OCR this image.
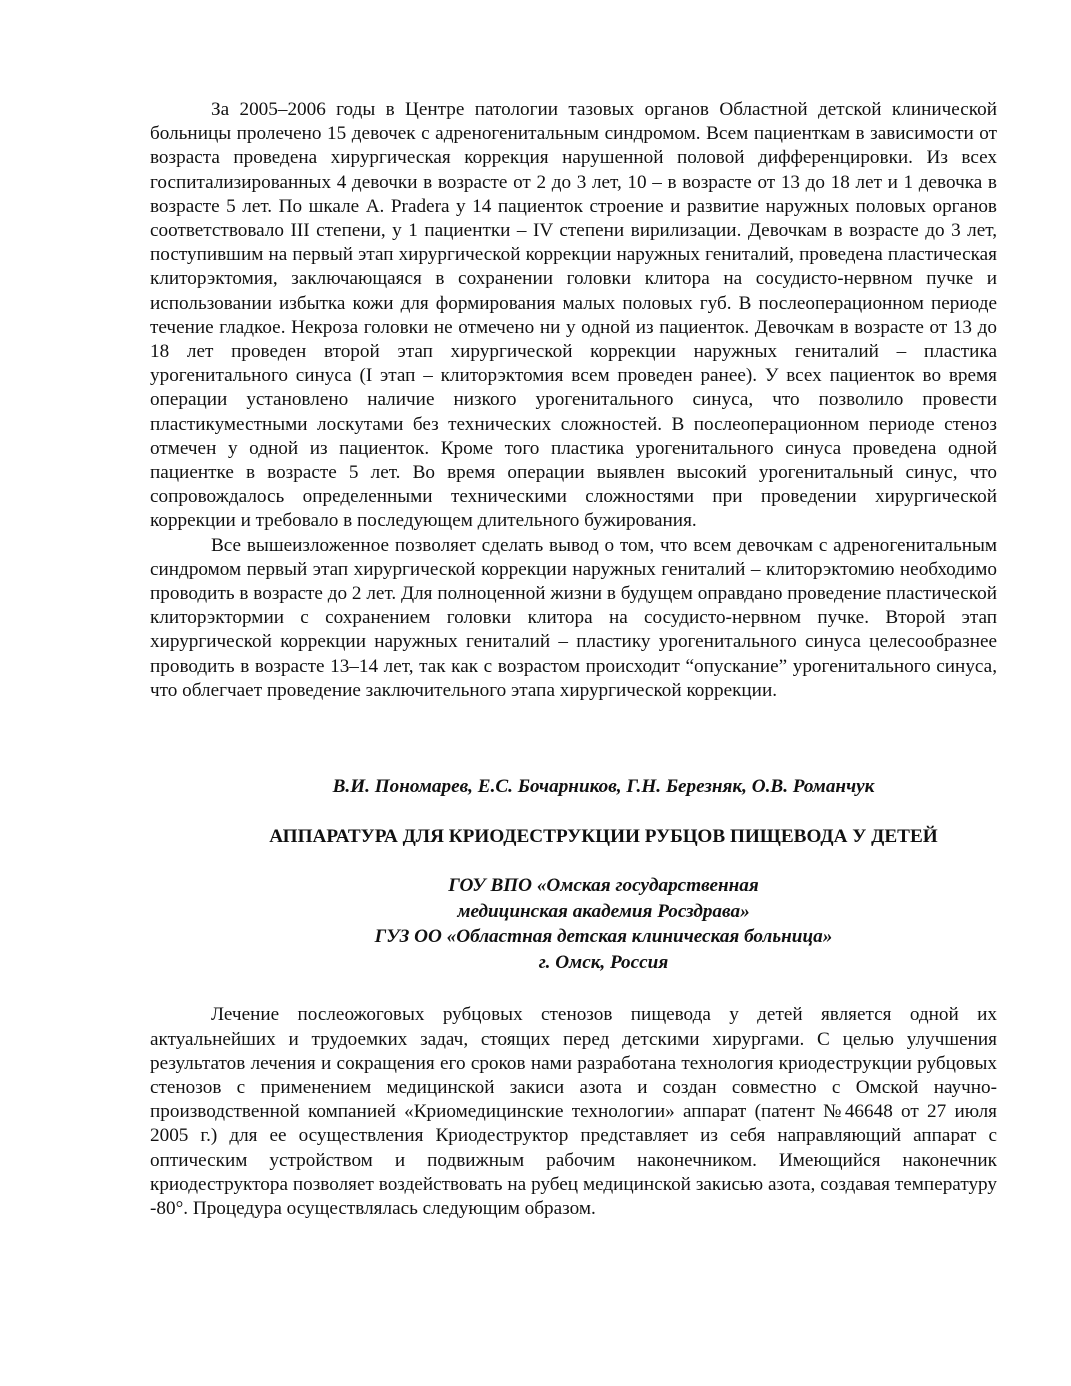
За 2005–2006 годы в Центре патологии тазовых органов Областной детской клинической больницы пролечено 15 девочек с адреногенитальным синдромом. Всем пациенткам в зависимости от возраста проведена хирургическая коррекция нарушенной половой дифференцировки. Из всех госпитализированных 4 девочки в возрасте от 2 до 3 лет, 10 – в возрасте от 13 до 18 лет и 1 девочка в возрасте 5 лет. По шкале A. Pradera у 14 пациенток строение и развитие наружных половых органов соответствовало III степени, у 1 пациентки – IV степени вирилизации. Девочкам в возрасте до 3 лет, поступившим на первый этап хирургической коррекции наружных гениталий, проведена пластическая клиторэктомия, заключающаяся в сохранении головки клитора на сосудисто-нервном пучке и использовании избытка кожи для формирования малых половых губ. В послеоперационном периоде течение гладкое. Некроза головки не отмечено ни у одной из пациенток. Девочкам в возрасте от 13 до 18 лет проведен второй этап хирургической коррекции наружных гениталий – пластика урогенитального синуса (I этап – клиторэктомия всем проведен ранее). У всех пациенток во время операции установлено наличие низкого урогенитального синуса, что позволило провести пластикуместными лоскутами без технических сложностей. В послеоперационном периоде стеноз отмечен у одной из пациенток. Кроме того пластика урогенитального синуса проведена одной пациентке в возрасте 5 лет. Во время операции выявлен высокий урогенитальный синус, что сопровождалось определенными техническими сложностями при проведении хирургической коррекции и требовало в последующем длительного бужирования.

Все вышеизложенное позволяет сделать вывод о том, что всем девочкам с адреногенитальным синдромом первый этап хирургической коррекции наружных гениталий – клиторэктомию необходимо проводить в возрасте до 2 лет. Для полноценной жизни в будущем оправдано проведение пластической клиторэктормии с сохранением головки клитора на сосудисто-нервном пучке. Второй этап хирургической коррекции наружных гениталий – пластику урогенитального синуса целесообразнее проводить в возрасте 13–14 лет, так как с возрастом происходит “опускание” урогенитального синуса, что облегчает проведение заключительного этапа хирургической коррекции.

В.И. Пономарев, Е.С. Бочарников, Г.Н. Березняк, О.В. Романчук

АППАРАТУРА ДЛЯ КРИОДЕСТРУКЦИИ РУБЦОВ ПИЩЕВОДА У ДЕТЕЙ

ГОУ ВПО «Омская государственная
медицинская академия Росздрава»
ГУЗ ОО «Областная детская клиническая больница»
г. Омск, Россия

Лечение послеожоговых рубцовых стенозов пищевода у детей является одной их актуальнейших и трудоемких задач, стоящих перед детскими хирургами. С целью улучшения результатов лечения и сокращения его сроков нами разработана технология криодеструкции рубцовых стенозов с применением медицинской закиси азота и создан совместно с Омской научно-производственной компанией «Криомедицинские технологии» аппарат (патент №46648 от 27 июля 2005 г.) для ее осуществления Криодеструктор представляет из себя направляющий аппарат с оптическим устройством и подвижным рабочим наконечником. Имеющийся наконечник криодеструктора позволяет воздействовать на рубец медицинской закисью азота, создавая температуру -80°. Процедура осуществлялась следующим образом.
